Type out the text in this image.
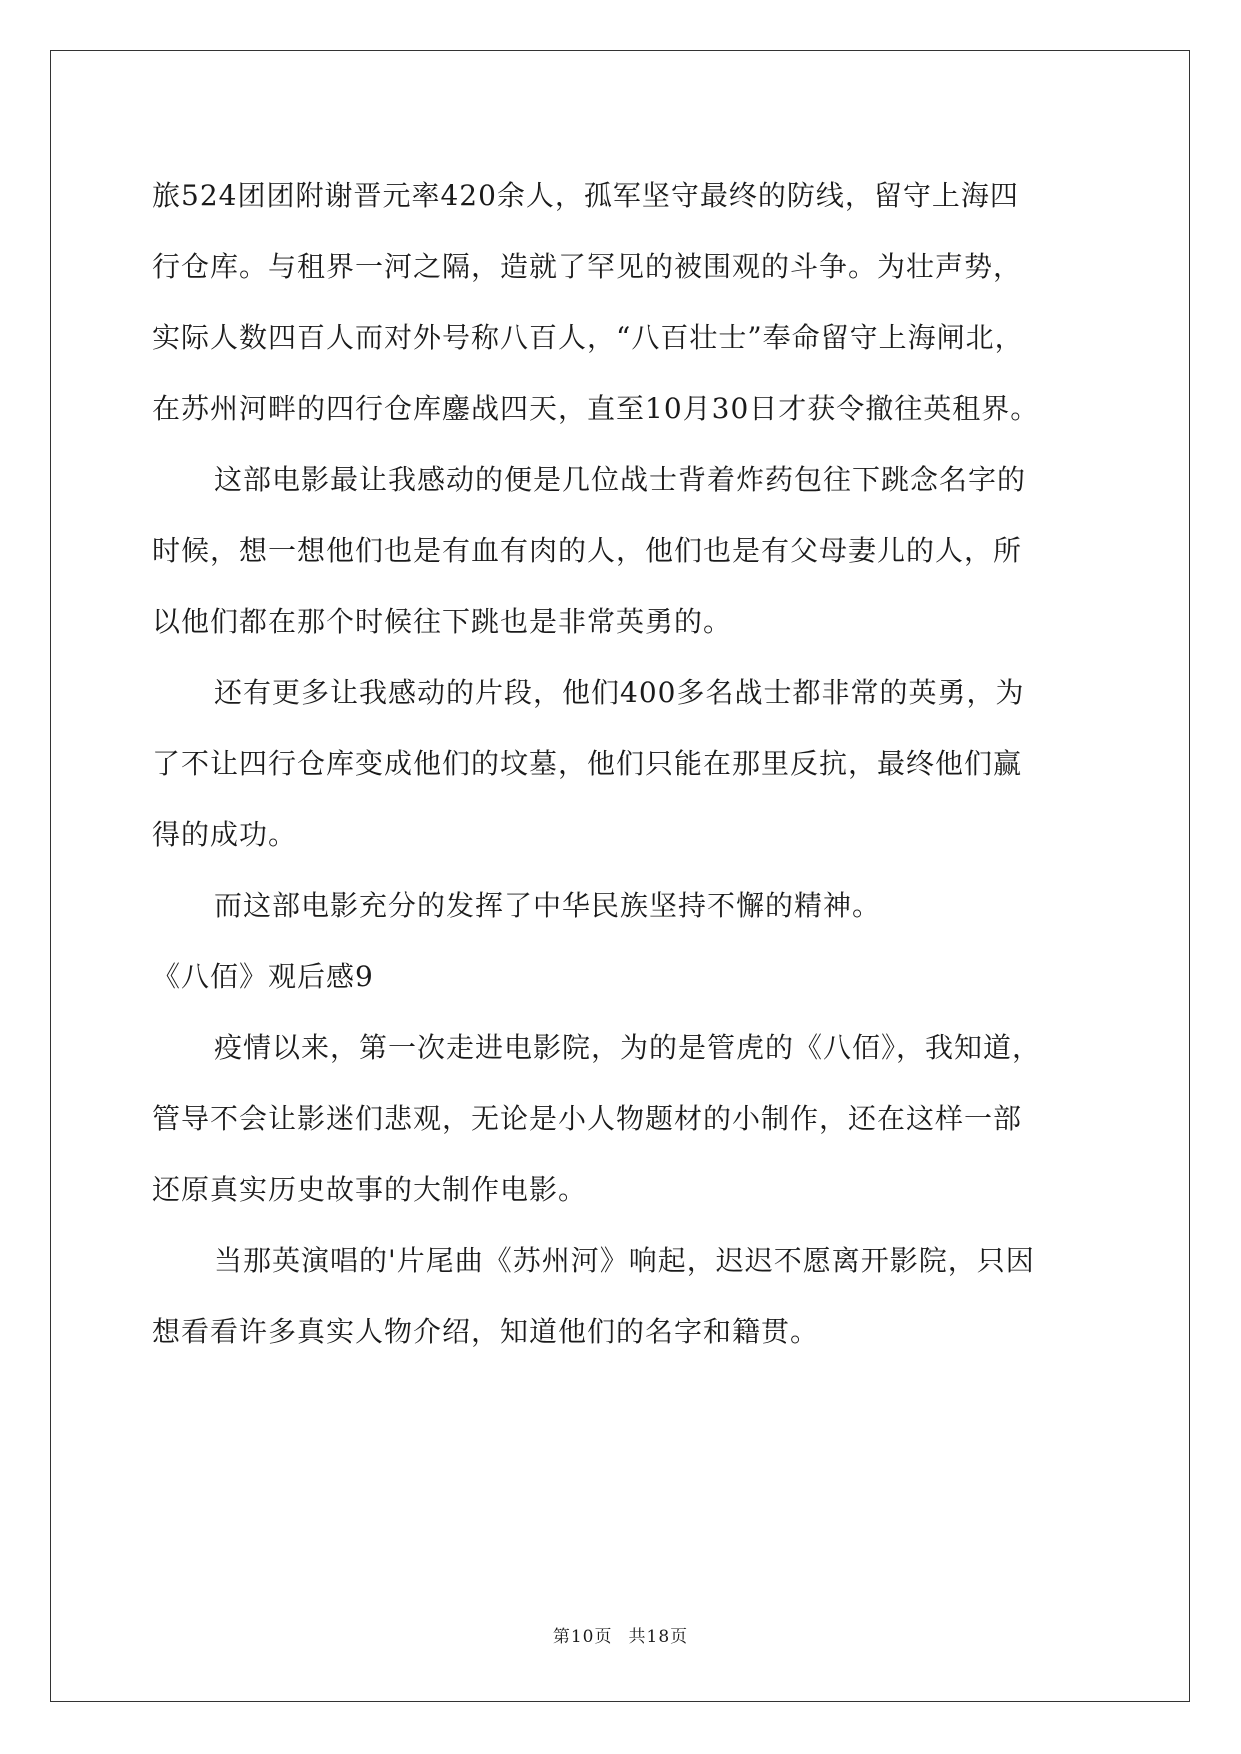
旅524团团附谢晋元率420余人，孤军坚守最终的防线，留守上海四
行仓库。与租界一河之隔，造就了罕见的被围观的斗争。为壮声势，
实际人数四百人而对外号称八百人，“八百壮士”奉命留守上海闸北，
在苏州河畔的四行仓库鏖战四天，直至10月30日才获令撤往英租界。
这部电影最让我感动的便是几位战士背着炸药包往下跳念名字的
时候，想一想他们也是有血有肉的人，他们也是有父母妻儿的人，所
以他们都在那个时候往下跳也是非常英勇的。
还有更多让我感动的片段，他们400多名战士都非常的英勇，为
了不让四行仓库变成他们的坟墓，他们只能在那里反抗，最终他们赢
得的成功。
而这部电影充分的发挥了中华民族坚持不懈的精神。
《八佰》观后感9
疫情以来，第一次走进电影院，为的是管虎的《八佰》，我知道，
管导不会让影迷们悲观，无论是小人物题材的小制作，还在这样一部
还原真实历史故事的大制作电影。
当那英演唱的'片尾曲《苏州河》响起，迟迟不愿离开影院，只因
想看看许多真实人物介绍，知道他们的名字和籍贯。
第10页 共18页
